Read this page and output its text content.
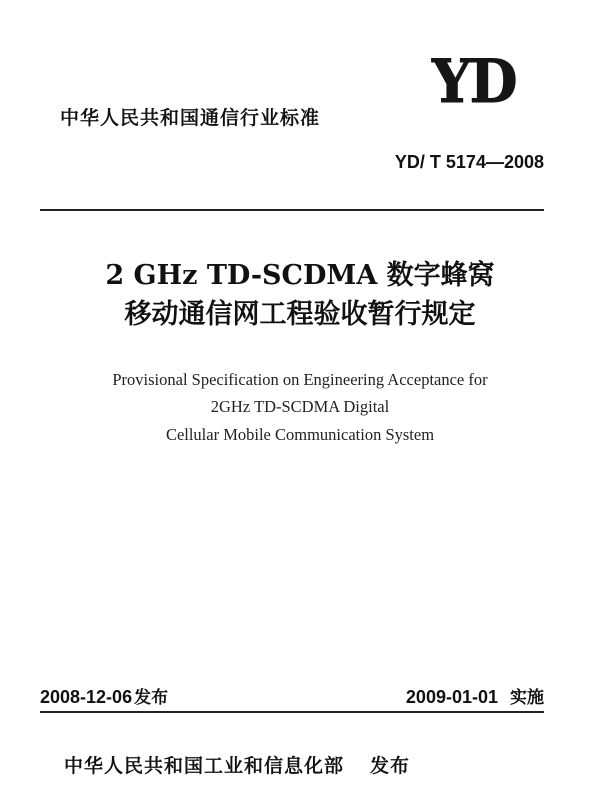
YD
中华人民共和国通信行业标准
YD/ T 5174—2008
2 GHz TD-SCDMA 数字蜂窝
移动通信网工程验收暂行规定
Provisional Specification on Engineering Acceptance for
2GHz TD-SCDMA Digital
Cellular Mobile Communication System
2008-12-06 发布	2009-01-01 实施
中华人民共和国工业和信息化部 发布
